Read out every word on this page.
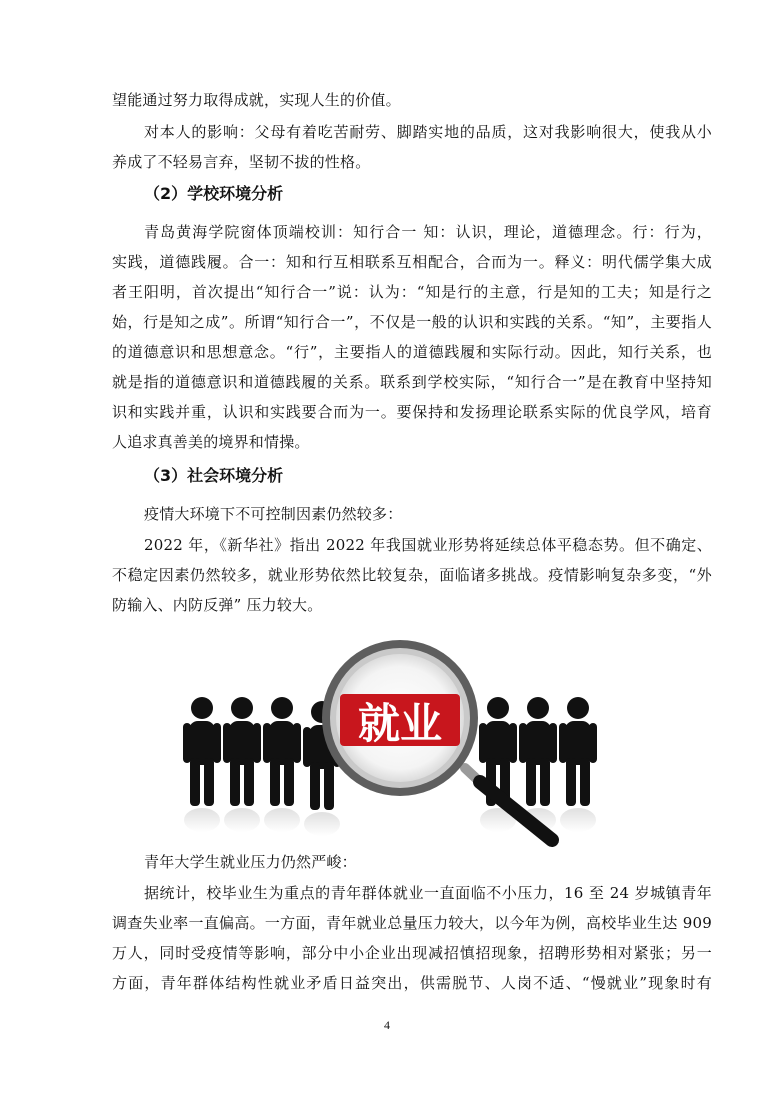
望能通过努力取得成就，实现人生的价值。
对本人的影响：父母有着吃苦耐劳、脚踏实地的品质，这对我影响很大，使我从小
养成了不轻易言弃，坚韧不拔的性格。
（2）学校环境分析
青岛黄海学院窗体顶端校训：知行合一 知：认识，理论，道德理念。行：行为，
实践，道德践履。合一：知和行互相联系互相配合，合而为一。释义：明代儒学集大成
者王阳明，首次提出“知行合一”说：认为：“知是行的主意，行是知的工夫；知是行之
始，行是知之成”。所谓“知行合一”，不仅是一般的认识和实践的关系。“知”，主要指人
的道德意识和思想意念。“行”，主要指人的道德践履和实际行动。因此，知行关系，也
就是指的道德意识和道德践履的关系。联系到学校实际，“知行合一”是在教育中坚持知
识和实践并重，认识和实践要合而为一。要保持和发扬理论联系实际的优良学风，培育
人追求真善美的境界和情操。
（3）社会环境分析
疫情大环境下不可控制因素仍然较多：
2022 年，《新华社》指出 2022 年我国就业形势将延续总体平稳态势。但不确定、
不稳定因素仍然较多，就业形势依然比较复杂，面临诸多挑战。疫情影响复杂多变，“外
防输入、内防反弹” 压力较大。
就业
青年大学生就业压力仍然严峻：
据统计，校毕业生为重点的青年群体就业一直面临不小压力，16 至 24 岁城镇青年
调查失业率一直偏高。一方面，青年就业总量压力较大，以今年为例，高校毕业生达 909
万人，同时受疫情等影响，部分中小企业出现减招慎招现象，招聘形势相对紧张；另一
方面，青年群体结构性就业矛盾日益突出，供需脱节、人岗不适、“慢就业”现象时有
4
